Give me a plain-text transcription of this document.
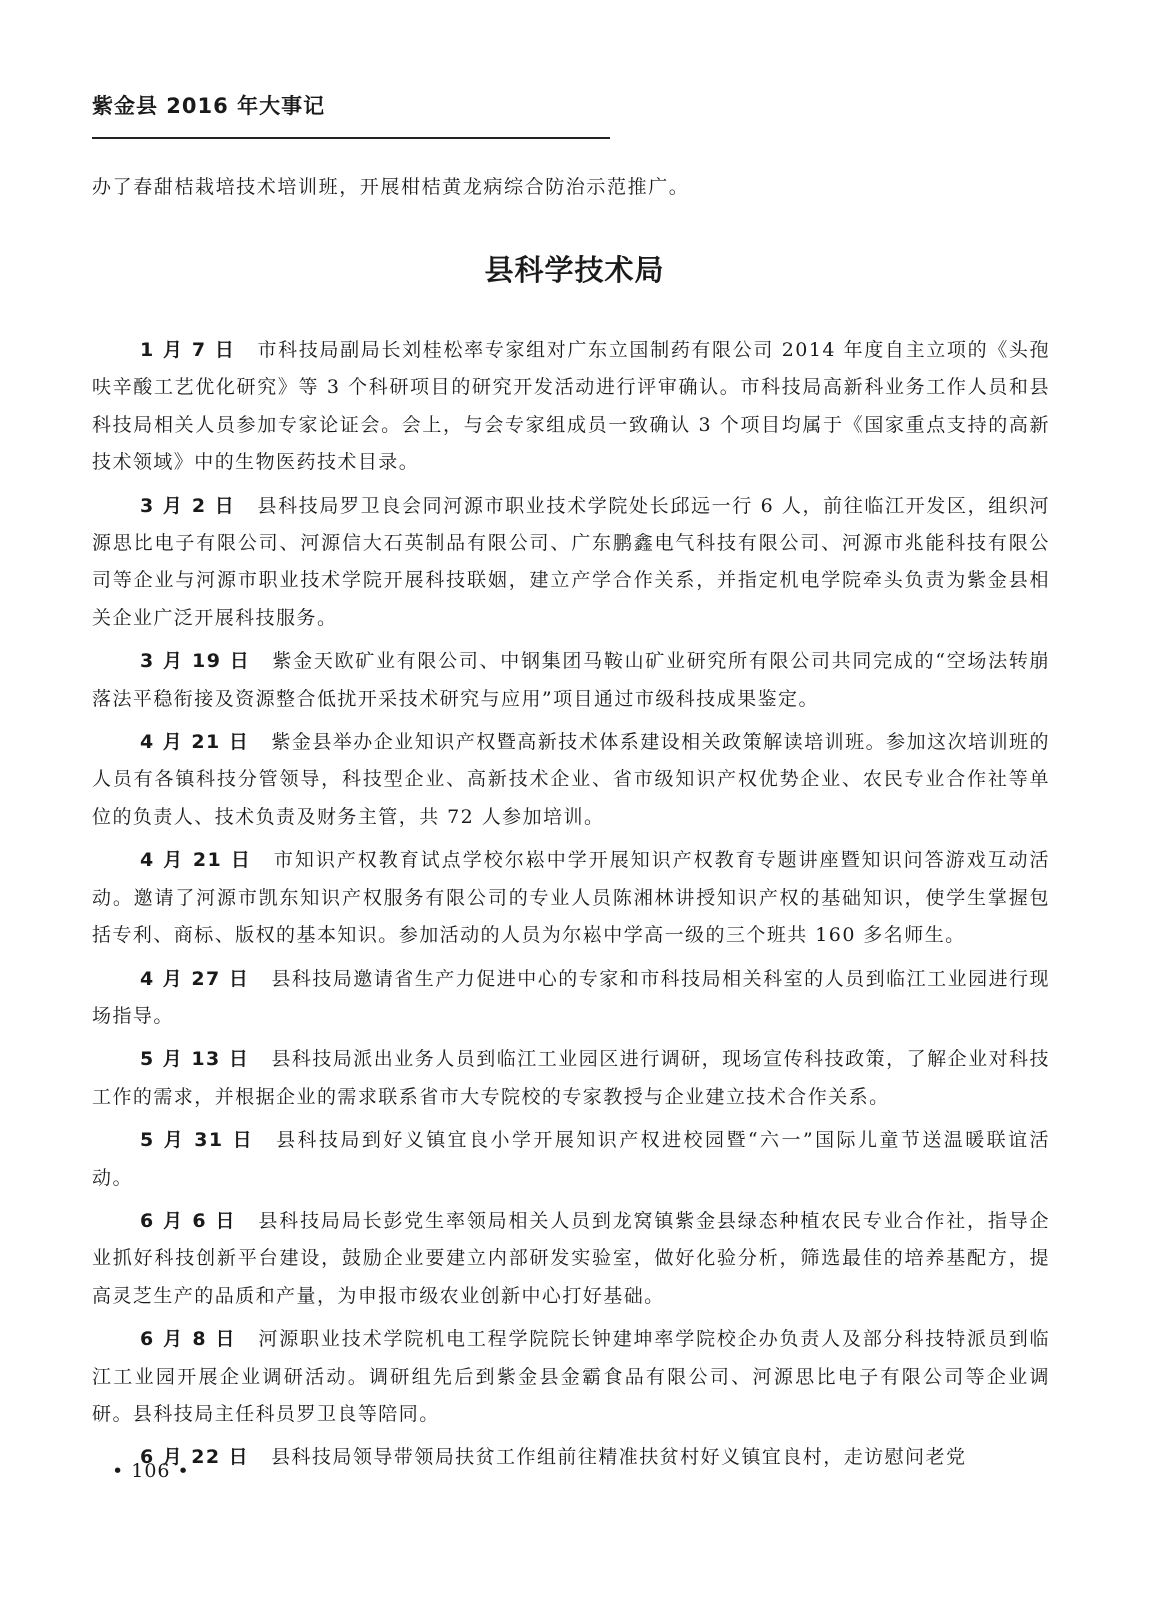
紫金县 2016 年大事记
办了春甜桔栽培技术培训班，开展柑桔黄龙病综合防治示范推广。
县科学技术局

1 月 7 日 市科技局副局长刘桂松率专家组对广东立国制药有限公司 2014 年度自主立项的《头孢呋辛酸工艺优化研究》等 3 个科研项目的研究开发活动进行评审确认。市科技局高新科业务工作人员和县科技局相关人员参加专家论证会。会上，与会专家组成员一致确认 3 个项目均属于《国家重点支持的高新技术领域》中的生物医药技术目录。

3 月 2 日 县科技局罗卫良会同河源市职业技术学院处长邱远一行 6 人，前往临江开发区，组织河源思比电子有限公司、河源信大石英制品有限公司、广东鹏鑫电气科技有限公司、河源市兆能科技有限公司等企业与河源市职业技术学院开展科技联姻，建立产学合作关系，并指定机电学院牵头负责为紫金县相关企业广泛开展科技服务。

3 月 19 日 紫金天欧矿业有限公司、中钢集团马鞍山矿业研究所有限公司共同完成的“空场法转崩落法平稳衔接及资源整合低扰开采技术研究与应用”项目通过市级科技成果鉴定。

4 月 21 日 紫金县举办企业知识产权暨高新技术体系建设相关政策解读培训班。参加这次培训班的人员有各镇科技分管领导，科技型企业、高新技术企业、省市级知识产权优势企业、农民专业合作社等单位的负责人、技术负责及财务主管，共 72 人参加培训。

4 月 21 日 市知识产权教育试点学校尔崧中学开展知识产权教育专题讲座暨知识问答游戏互动活动。邀请了河源市凯东知识产权服务有限公司的专业人员陈湘林讲授知识产权的基础知识，使学生掌握包括专利、商标、版权的基本知识。参加活动的人员为尔崧中学高一级的三个班共 160 多名师生。

4 月 27 日 县科技局邀请省生产力促进中心的专家和市科技局相关科室的人员到临江工业园进行现场指导。

5 月 13 日 县科技局派出业务人员到临江工业园区进行调研，现场宣传科技政策，了解企业对科技工作的需求，并根据企业的需求联系省市大专院校的专家教授与企业建立技术合作关系。

5 月 31 日 县科技局到好义镇宜良小学开展知识产权进校园暨“六一”国际儿童节送温暖联谊活动。

6 月 6 日 县科技局局长彭党生率领局相关人员到龙窝镇紫金县绿态种植农民专业合作社，指导企业抓好科技创新平台建设，鼓励企业要建立内部研发实验室，做好化验分析，筛选最佳的培养基配方，提高灵芝生产的品质和产量，为申报市级农业创新中心打好基础。

6 月 8 日 河源职业技术学院机电工程学院院长钟建坤率学院校企办负责人及部分科技特派员到临江工业园开展企业调研活动。调研组先后到紫金县金霸食品有限公司、河源思比电子有限公司等企业调研。县科技局主任科员罗卫良等陪同。

6 月 22 日 县科技局领导带领局扶贫工作组前往精准扶贫村好义镇宜良村，走访慰问老党

• 106 •
